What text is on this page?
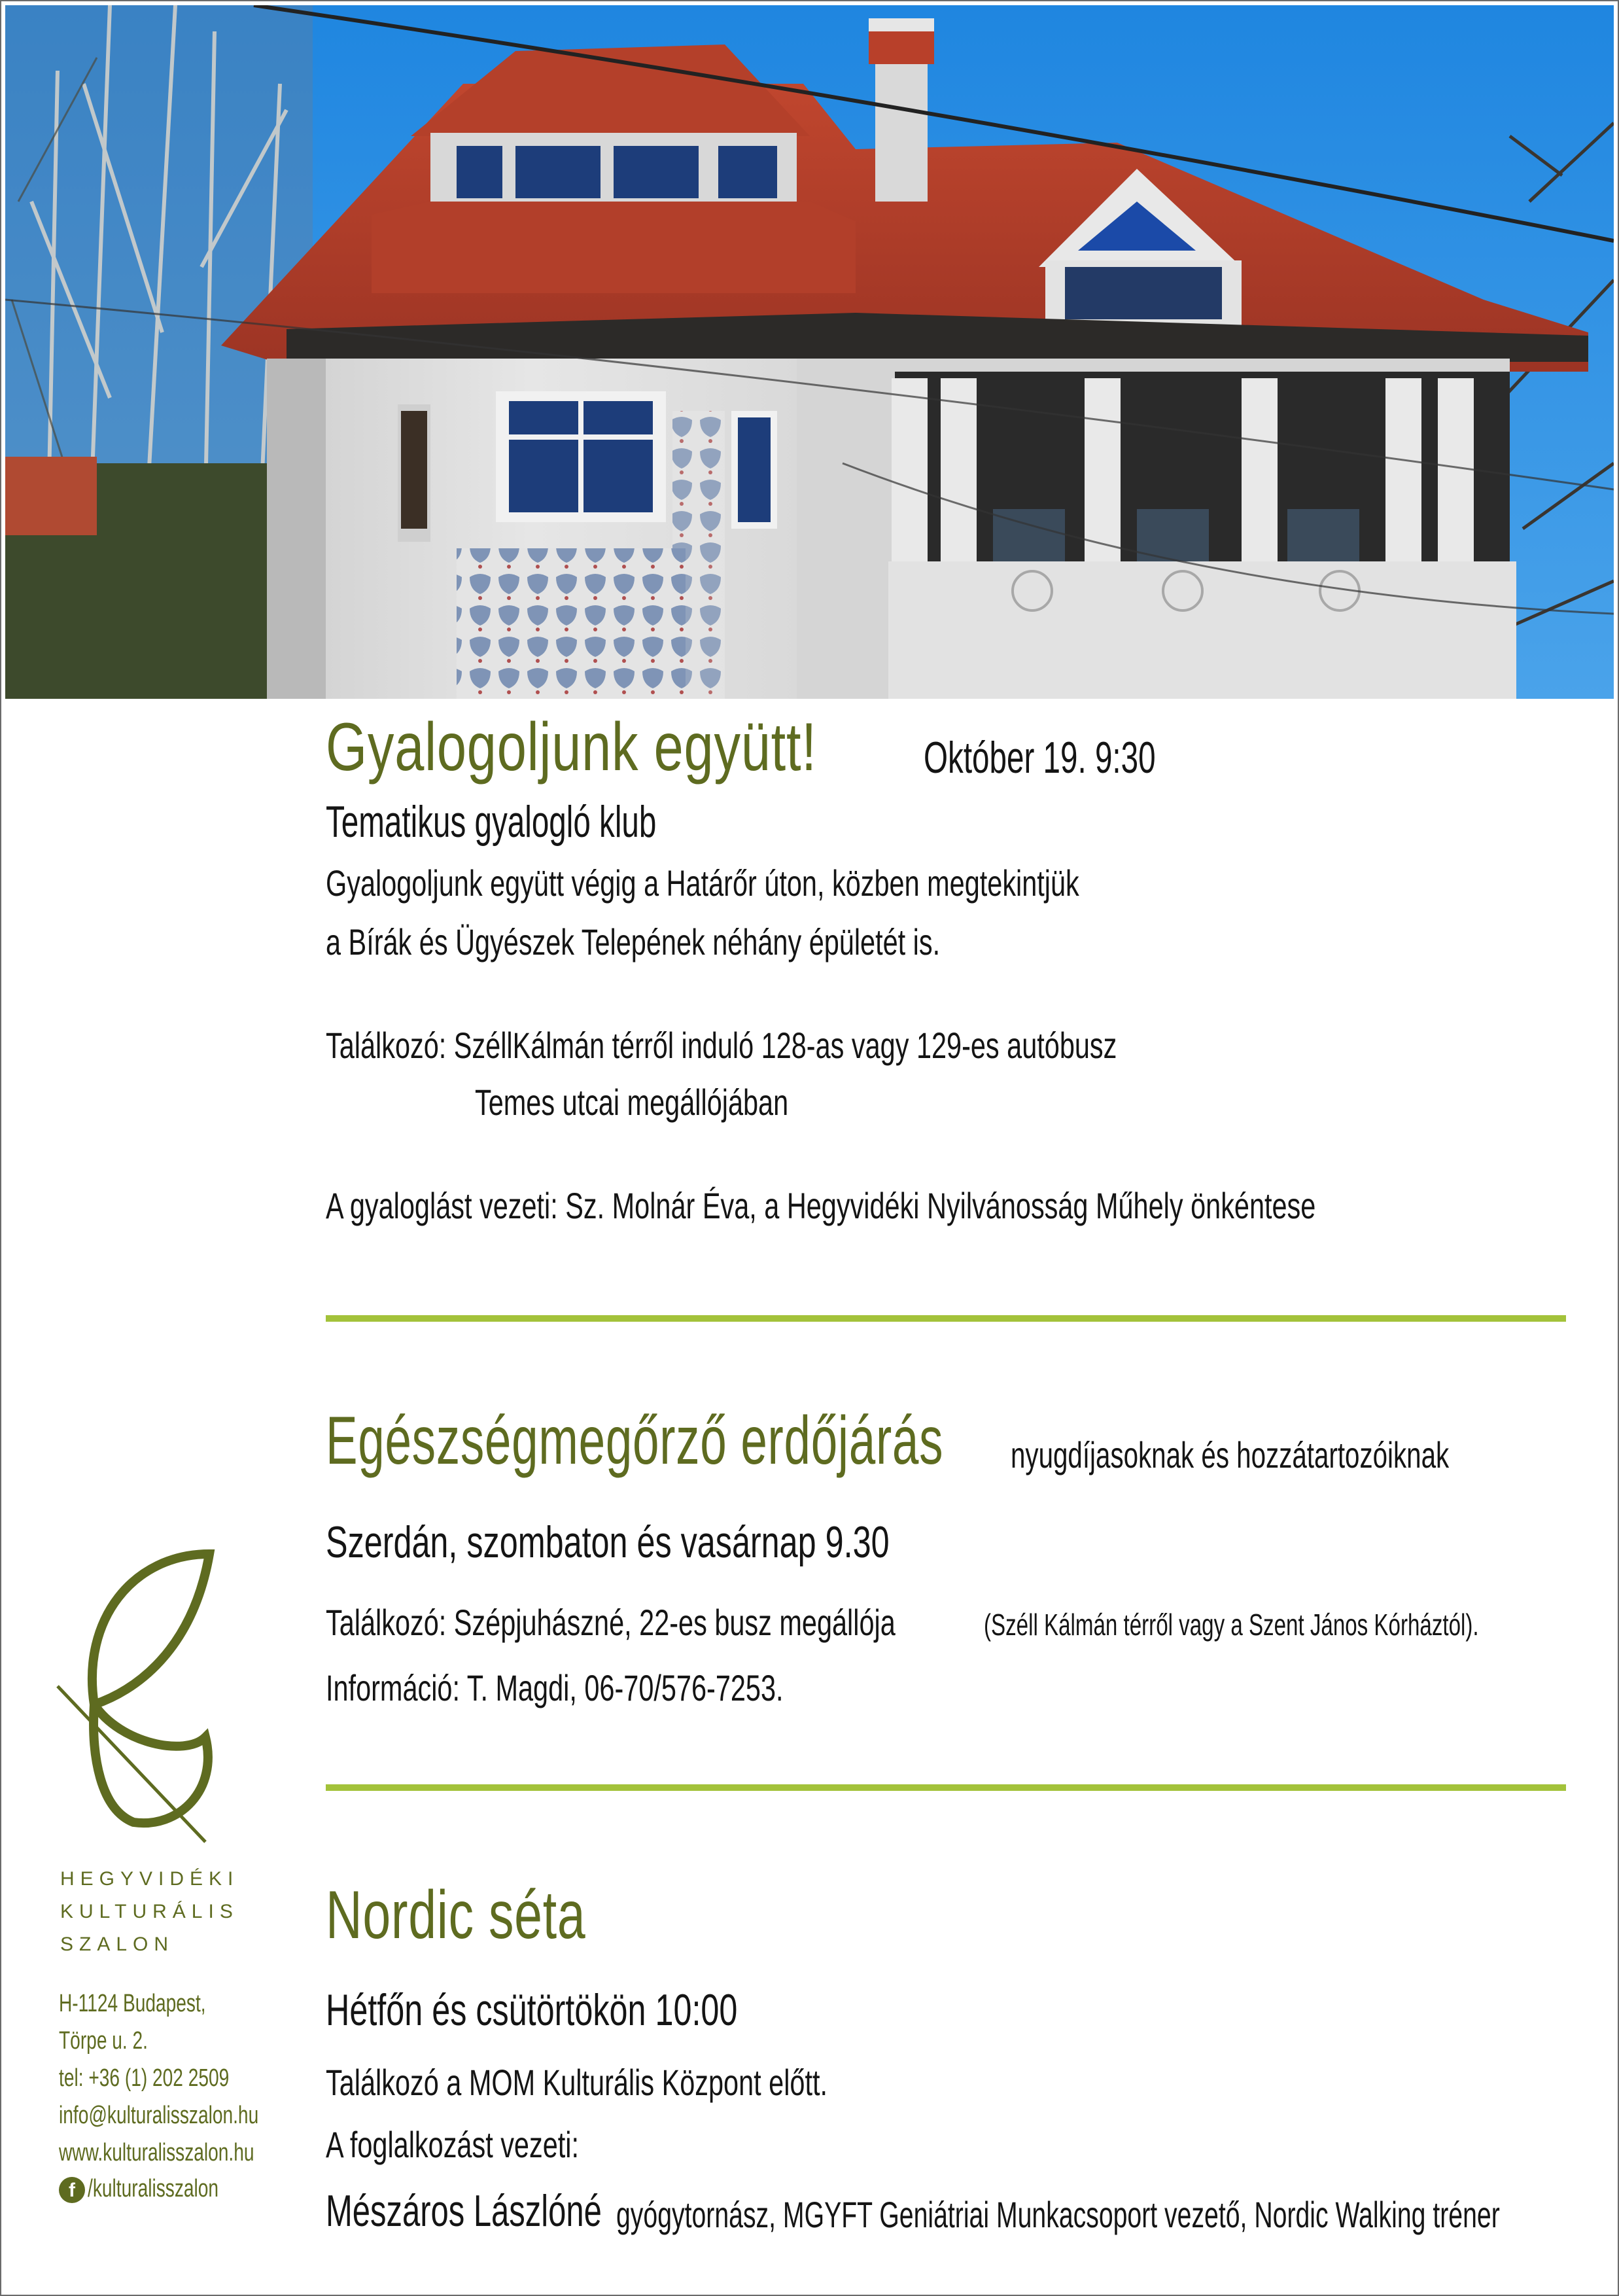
Gyalogoljunk együtt! Október 19. 9:30
Tematikus gyalogló klub
Gyalogoljunk együtt végig a Határőr úton, közben megtekintjük
a Bírák és Ügyészek Telepének néhány épületét is.
Találkozó: SzéllKálmán térről induló 128-as vagy 129-es autóbusz
Temes utcai megállójában
A gyaloglást vezeti: Sz. Molnár Éva, a Hegyvidéki Nyilvánosság Műhely önkéntese
Egészségmegőrző erdőjárás	nyugdíjasoknak és hozzátartozóiknak
Szerdán, szombaton és vasárnap 9.30
Találkozó: Szépjuhászné, 22-es busz megállója	(Széll Kálmán térről vagy a Szent János Kórháztól).
Információ: T. Magdi, 06-70/576-7253.
Nordic séta
Hétfőn és csütörtökön 10:00
Találkozó a MOM Kulturális Központ előtt.
A foglalkozást vezeti:
Mészáros Lászlóné gyógytornász, MGYFT Geniátriai Munkacsoport vezető, Nordic Walking tréner
HEGYVIDÉKI
KULTURÁLIS
SZALON
H-1124 Budapest,
Törpe u. 2.
tel: +36 (1) 202 2509
info@kulturalisszalon.hu
www.kulturalisszalon.hu
f /kulturalisszalon
